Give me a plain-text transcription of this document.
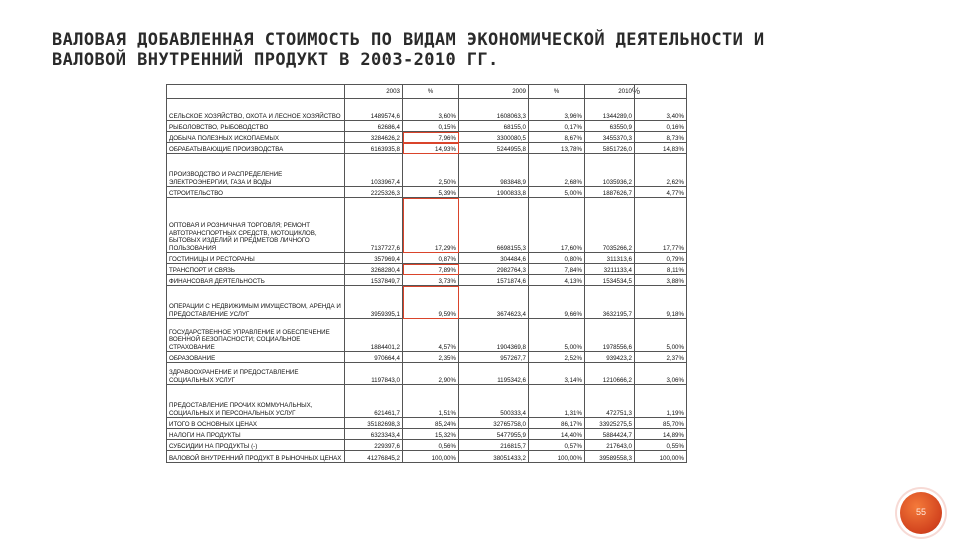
ВАЛОВАЯ ДОБАВЛЕННАЯ СТОИМОСТЬ ПО ВИДАМ ЭКОНОМИЧЕСКОЙ ДЕЯТЕЛЬНОСТИ И
ВАЛОВОЙ ВНУТРЕННИЙ ПРОДУКТ В 2003-2010 ГГ.
%
	2003	%	2009	%	2010	
СЕЛЬСКОЕ ХОЗЯЙСТВО, ОХОТА И ЛЕСНОЕ ХОЗЯЙСТВО	1489574,6	3,60%	1608063,3	3,96%	1344289,0	3,40%
РЫБОЛОВСТВО, РЫБОВОДСТВО	62686,4	0,15%	68155,0	0,17%	63550,9	0,16%
ДОБЫЧА ПОЛЕЗНЫХ ИСКОПАЕМЫХ	3284626,2	7,96%	3300080,5	8,67%	3455370,3	8,73%
ОБРАБАТЫВАЮЩИЕ ПРОИЗВОДСТВА	6163935,8	14,93%	5244955,8	13,78%	5851726,0	14,83%
ПРОИЗВОДСТВО И РАСПРЕДЕЛЕНИЕ ЭЛЕКТРОЭНЕРГИИ, ГАЗА И ВОДЫ	1033967,4	2,50%	983848,9	2,68%	1035936,2	2,62%
СТРОИТЕЛЬСТВО	2225326,3	5,39%	1900833,8	5,00%	1887626,7	4,77%
ОПТОВАЯ И РОЗНИЧНАЯ ТОРГОВЛЯ; РЕМОНТ АВТОТРАНСПОРТНЫХ СРЕДСТВ, МОТОЦИКЛОВ, БЫТОВЫХ ИЗДЕЛИЙ И ПРЕДМЕТОВ ЛИЧНОГО ПОЛЬЗОВАНИЯ	7137727,6	17,29%	6698155,3	17,60%	7035266,2	17,77%
ГОСТИНИЦЫ И РЕСТОРАНЫ	357969,4	0,87%	304484,6	0,80%	311313,6	0,79%
ТРАНСПОРТ И СВЯЗЬ	3268280,4	7,89%	2982764,3	7,84%	3211133,4	8,11%
ФИНАНСОВАЯ ДЕЯТЕЛЬНОСТЬ	1537849,7	3,73%	1571874,6	4,13%	1534534,5	3,88%
ОПЕРАЦИИ С НЕДВИЖИМЫМ ИМУЩЕСТВОМ, АРЕНДА И ПРЕДОСТАВЛЕНИЕ УСЛУГ	3959395,1	9,59%	3674623,4	9,66%	3632195,7	9,18%
ГОСУДАРСТВЕННОЕ УПРАВЛЕНИЕ И ОБЕСПЕЧЕНИЕ ВОЕННОЙ БЕЗОПАСНОСТИ; СОЦИАЛЬНОЕ СТРАХОВАНИЕ	1884401,2	4,57%	1904369,8	5,00%	1978556,6	5,00%
ОБРАЗОВАНИЕ	970664,4	2,35%	957267,7	2,52%	939423,2	2,37%
ЗДРАВООХРАНЕНИЕ И ПРЕДОСТАВЛЕНИЕ СОЦИАЛЬНЫХ УСЛУГ	1197843,0	2,90%	1195342,6	3,14%	1210666,2	3,06%
ПРЕДОСТАВЛЕНИЕ ПРОЧИХ КОММУНАЛЬНЫХ, СОЦИАЛЬНЫХ И ПЕРСОНАЛЬНЫХ УСЛУГ	621461,7	1,51%	500333,4	1,31%	472751,3	1,19%
ИТОГО В ОСНОВНЫХ ЦЕНАХ	35182698,3	85,24%	32765758,0	86,17%	33925275,5	85,70%
НАЛОГИ НА ПРОДУКТЫ	6323343,4	15,32%	5477955,9	14,40%	5884424,7	14,89%
СУБСИДИИ НА ПРОДУКТЫ (-)	229397,6	0,56%	216815,7	0,57%	217643,0	0,55%
ВАЛОВОЙ ВНУТРЕННИЙ ПРОДУКТ В РЫНОЧНЫХ ЦЕНАХ	41276845,2	100,00%	38051433,2	100,00%	39589558,3	100,00%
55
